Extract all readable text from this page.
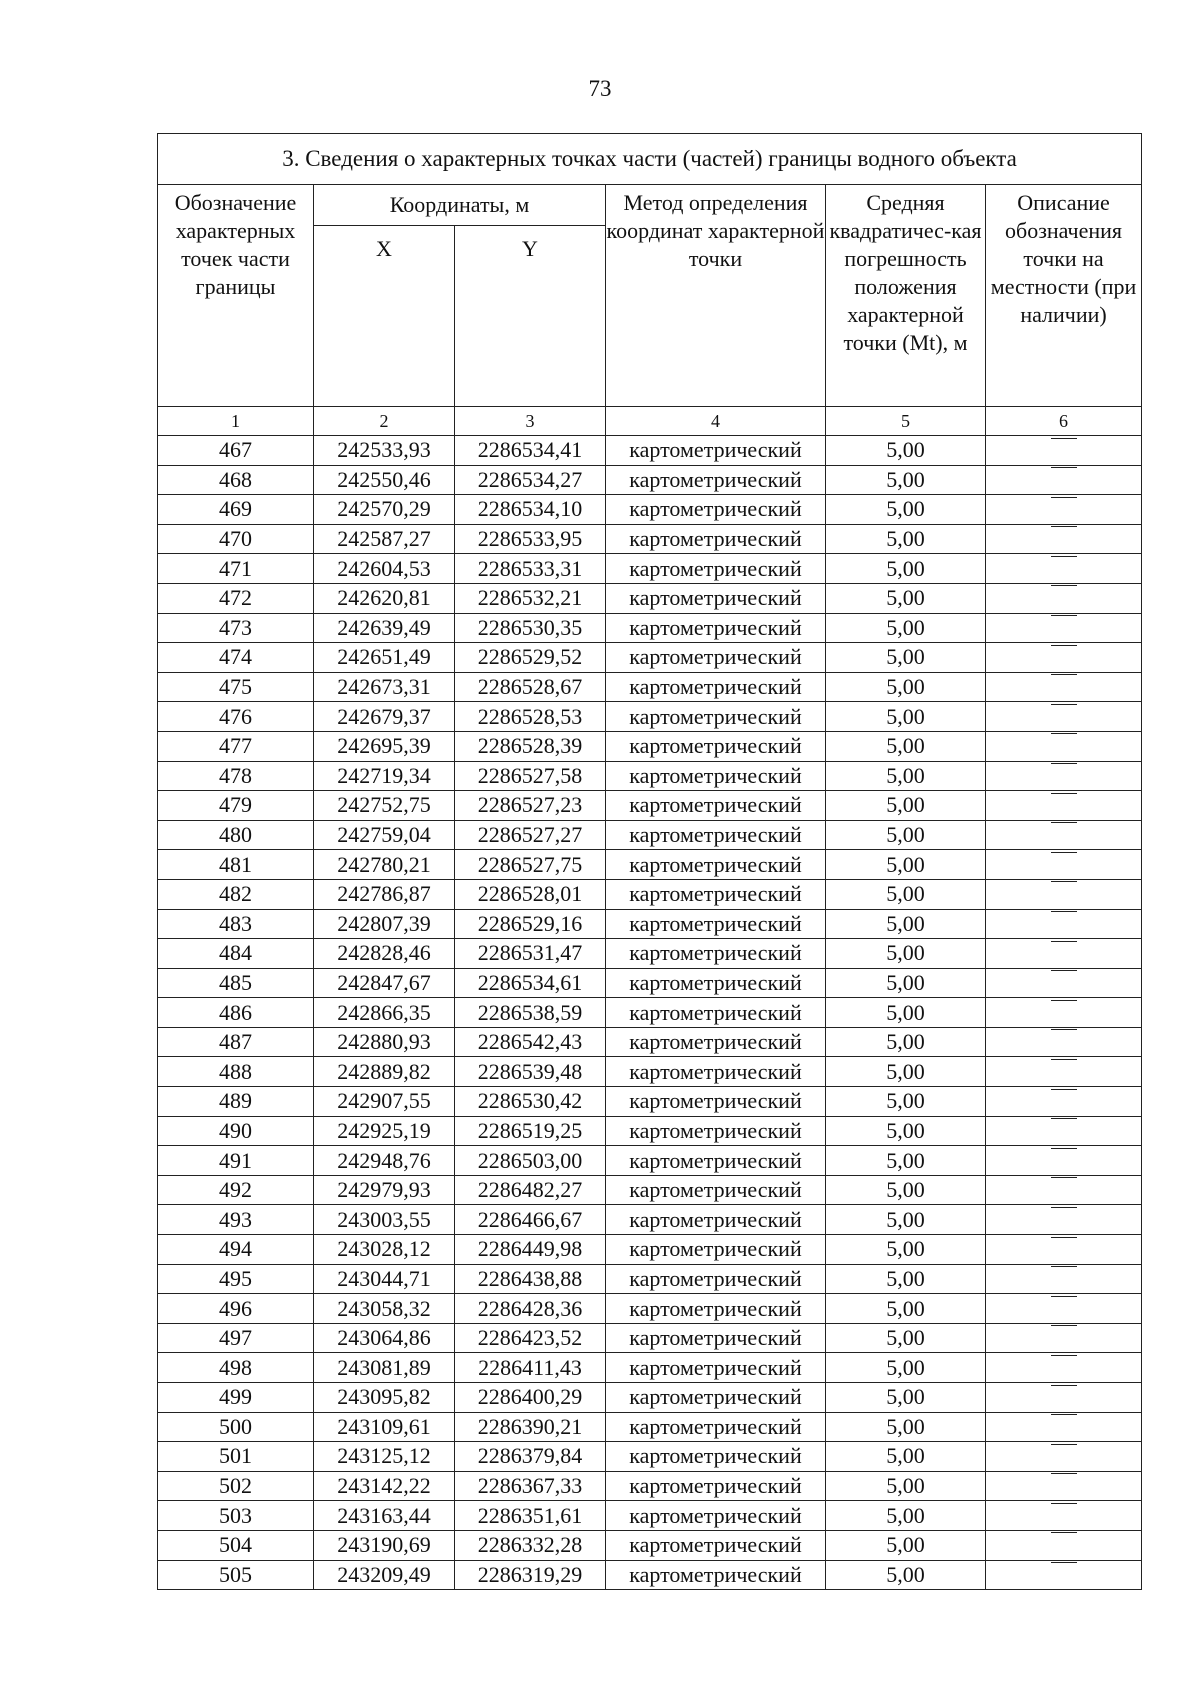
73
3. Сведения о характерных точках части (частей) границы водного объекта					
Обозначение характерных точек части границы	Координаты, м		Метод определения координат характерной точки	Средняя квадратичес-кая погрешность положения характерной точки (Mt), м	Описание обозначения точки на местности (при наличии)
	X	Y			
1	2	3	4	5	6
467	242533,93	2286534,41	картометрический	5,00	
468	242550,46	2286534,27	картометрический	5,00	
469	242570,29	2286534,10	картометрический	5,00	
470	242587,27	2286533,95	картометрический	5,00	
471	242604,53	2286533,31	картометрический	5,00	
472	242620,81	2286532,21	картометрический	5,00	
473	242639,49	2286530,35	картометрический	5,00	
474	242651,49	2286529,52	картометрический	5,00	
475	242673,31	2286528,67	картометрический	5,00	
476	242679,37	2286528,53	картометрический	5,00	
477	242695,39	2286528,39	картометрический	5,00	
478	242719,34	2286527,58	картометрический	5,00	
479	242752,75	2286527,23	картометрический	5,00	
480	242759,04	2286527,27	картометрический	5,00	
481	242780,21	2286527,75	картометрический	5,00	
482	242786,87	2286528,01	картометрический	5,00	
483	242807,39	2286529,16	картометрический	5,00	
484	242828,46	2286531,47	картометрический	5,00	
485	242847,67	2286534,61	картометрический	5,00	
486	242866,35	2286538,59	картометрический	5,00	
487	242880,93	2286542,43	картометрический	5,00	
488	242889,82	2286539,48	картометрический	5,00	
489	242907,55	2286530,42	картометрический	5,00	
490	242925,19	2286519,25	картометрический	5,00	
491	242948,76	2286503,00	картометрический	5,00	
492	242979,93	2286482,27	картометрический	5,00	
493	243003,55	2286466,67	картометрический	5,00	
494	243028,12	2286449,98	картометрический	5,00	
495	243044,71	2286438,88	картометрический	5,00	
496	243058,32	2286428,36	картометрический	5,00	
497	243064,86	2286423,52	картометрический	5,00	
498	243081,89	2286411,43	картометрический	5,00	
499	243095,82	2286400,29	картометрический	5,00	
500	243109,61	2286390,21	картометрический	5,00	
501	243125,12	2286379,84	картометрический	5,00	
502	243142,22	2286367,33	картометрический	5,00	
503	243163,44	2286351,61	картометрический	5,00	
504	243190,69	2286332,28	картометрический	5,00	
505	243209,49	2286319,29	картометрический	5,00	
